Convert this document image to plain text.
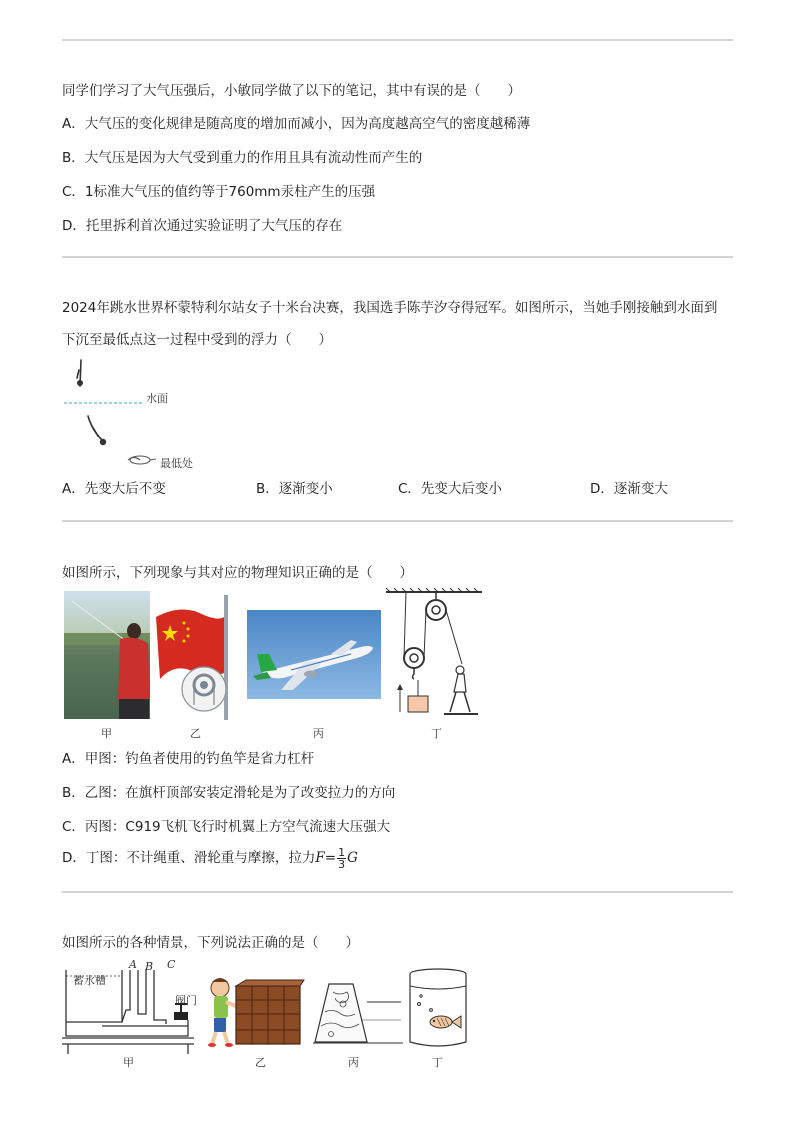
同学们学习了大气压强后，小敏同学做了以下的笔记，其中有误的是（　　）
A．大气压的变化规律是随高度的增加而减小，因为高度越高空气的密度越稀薄
B．大气压是因为大气受到重力的作用且具有流动性而产生的
C．1标准大气压的值约等于760mm汞柱产生的压强
D．托里拆利首次通过实验证明了大气压的存在
2024年跳水世界杯蒙特利尔站女子十米台决赛，我国选手陈芋汐夺得冠军。如图所示，当她手刚接触到水面到
下沉至最低点这一过程中受到的浮力（　　）
水面
最低处
A．先变大后不变	B．逐渐变小	C．先变大后变小	D．逐渐变大
如图所示，下列现象与其对应的物理知识正确的是（　　）
甲	乙	丙	丁
A．甲图：钓鱼者使用的钓鱼竿是省力杠杆
B．乙图：在旗杆顶部安装定滑轮是为了改变拉力的方向
C．丙图：C919飞机飞行时机翼上方空气流速大压强大
D．丁图：不计绳重、滑轮重与摩擦，拉力$F= \frac{1}{3}$ G
如图所示的各种情景，下列说法正确的是（　　）
蓄水槽
A B C
阀门
甲	乙	丙	丁
